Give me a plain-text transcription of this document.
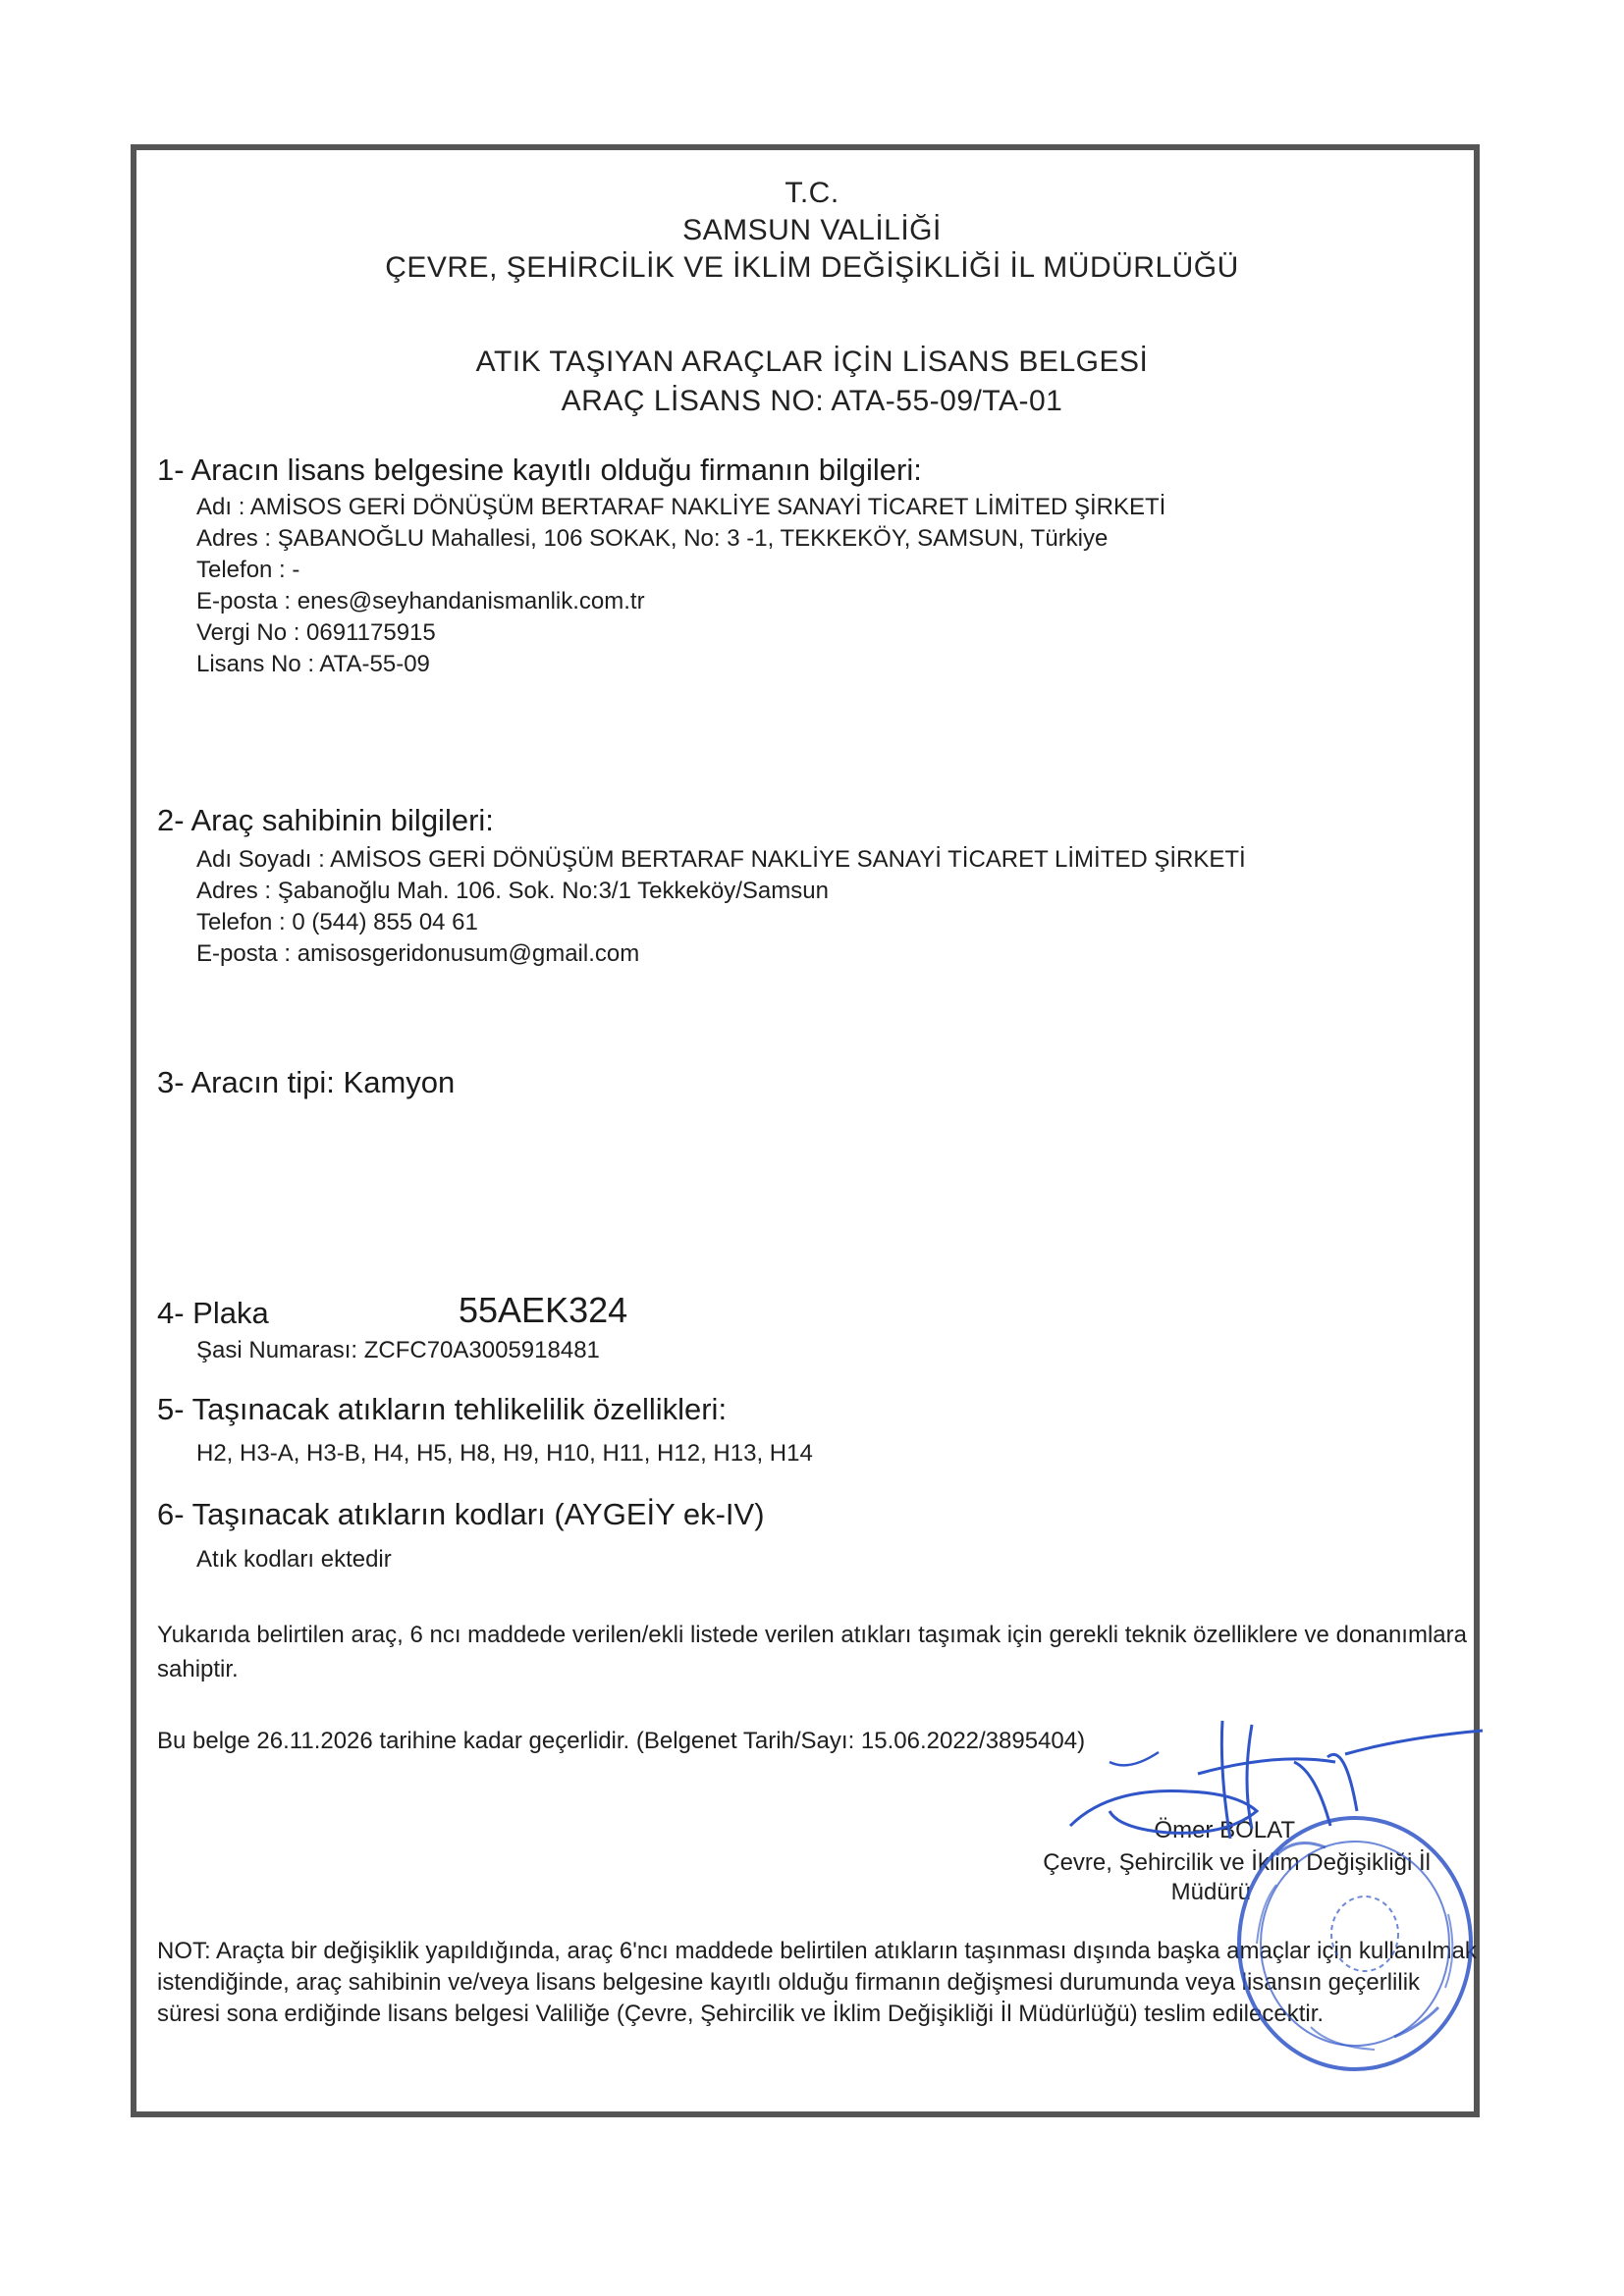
T.C.
SAMSUN VALİLİĞİ
ÇEVRE, ŞEHİRCİLİK VE İKLİM DEĞİŞİKLİĞİ İL MÜDÜRLÜĞÜ
ATIK TAŞIYAN ARAÇLAR İÇİN LİSANS BELGESİ
ARAÇ LİSANS NO: ATA-55-09/TA-01
1- Aracın lisans belgesine kayıtlı olduğu firmanın bilgileri:
Adı : AMİSOS GERİ DÖNÜŞÜM BERTARAF NAKLİYE SANAYİ TİCARET LİMİTED ŞİRKETİ
Adres : ŞABANOĞLU Mahallesi, 106 SOKAK, No: 3 -1, TEKKEKÖY, SAMSUN, Türkiye
Telefon : -
E-posta : enes@seyhandanismanlik.com.tr
Vergi No : 0691175915
Lisans No : ATA-55-09
2- Araç sahibinin bilgileri:
Adı Soyadı : AMİSOS GERİ DÖNÜŞÜM BERTARAF NAKLİYE SANAYİ TİCARET LİMİTED ŞİRKETİ
Adres : Şabanoğlu Mah. 106. Sok. No:3/1 Tekkeköy/Samsun
Telefon : 0 (544) 855 04 61
E-posta : amisosgeridonusum@gmail.com
3- Aracın tipi: Kamyon
4- Plaka	55AEK324
Şasi Numarası: ZCFC70A3005918481
5- Taşınacak atıkların tehlikelilik özellikleri:
H2, H3-A, H3-B, H4, H5, H8, H9, H10, H11, H12, H13, H14
6- Taşınacak atıkların kodları (AYGEİY ek-IV)
Atık kodları ektedir
Yukarıda belirtilen araç, 6 ncı maddede verilen/ekli listede verilen atıkları taşımak için gerekli teknik özelliklere ve donanımlara sahiptir.
Bu belge 26.11.2026 tarihine kadar geçerlidir. (Belgenet Tarih/Sayı: 15.06.2022/3895404)
Ömer BOLAT
Çevre, Şehircilik ve İklim Değişikliği İl
Müdürü
NOT: Araçta bir değişiklik yapıldığında, araç 6'ncı maddede belirtilen atıkların taşınması dışında başka amaçlar için kullanılmak istendiğinde, araç sahibinin ve/veya lisans belgesine kayıtlı olduğu firmanın değişmesi durumunda veya lisansın geçerlilik süresi sona erdiğinde lisans belgesi Valiliğe (Çevre, Şehircilik ve İklim Değişikliği İl Müdürlüğü) teslim edilecektir.
